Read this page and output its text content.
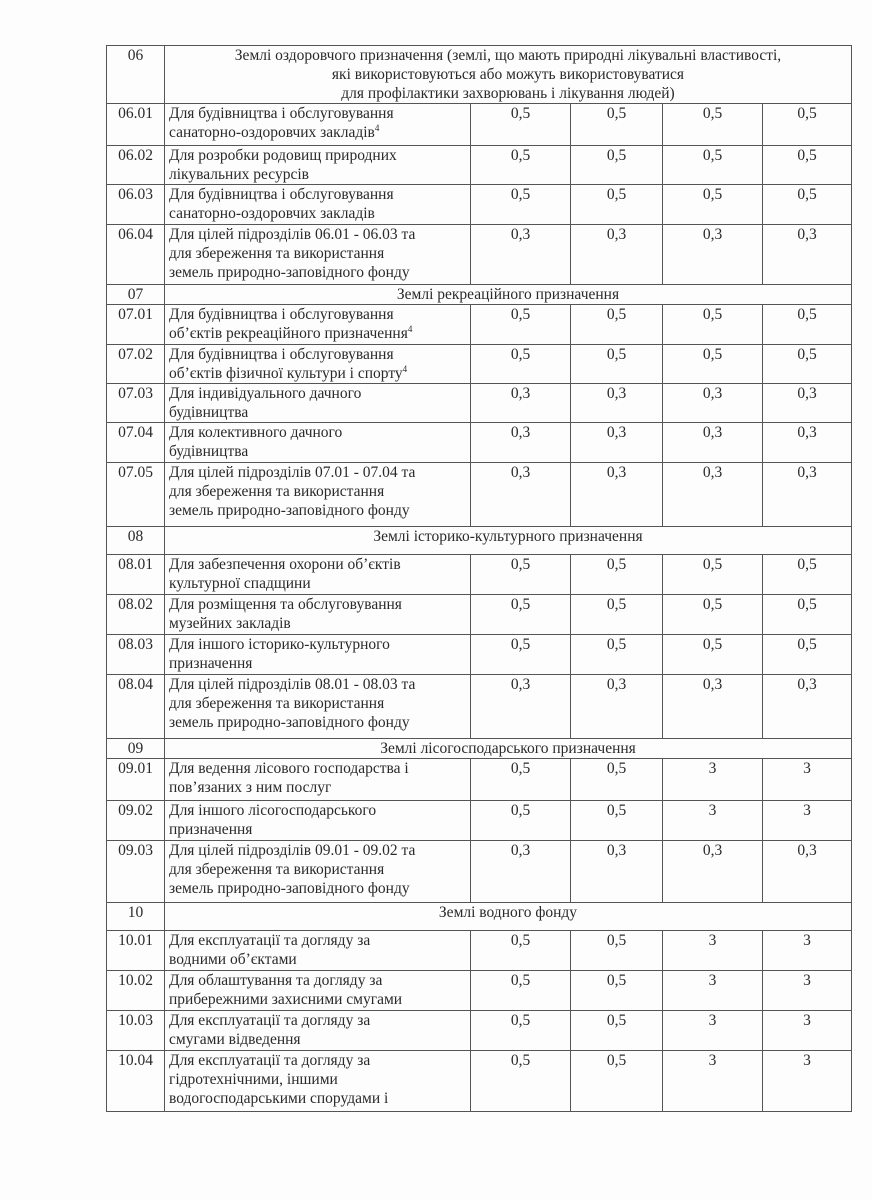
06	Землі оздоровчого призначення (землі, що мають природні лікувальні властивості,
які використовуються або можуть використовуватися
для профілактики захворювань і лікування людей)				

06.01	Для будівництва і обслуговування
санаторно-оздоровчих закладів$^4$	0,5	0,5	0,5	0,5
06.02	Для розробки родовищ природних
лікувальних ресурсів	0,5	0,5	0,5	0,5
06.03	Для будівництва і обслуговування
санаторно-оздоровчих закладів	0,5	0,5	0,5	0,5
06.04	Для цілей підрозділів 06.01 - 06.03 та
для збереження та використання
земель природно-заповідного фонду	0,3	0,3	0,3	0,3
07	Землі рекреаційного призначення				

07.01	Для будівництва і обслуговування
об’єктів рекреаційного призначення$^4$	0,5	0,5	0,5	0,5
07.02	Для будівництва і обслуговування
об’єктів фізичної культури і спорту$^4$	0,5	0,5	0,5	0,5
07.03	Для індивідуального дачного
будівництва	0,3	0,3	0,3	0,3
07.04	Для колективного дачного
будівництва	0,3	0,3	0,3	0,3
07.05	Для цілей підрозділів 07.01 - 07.04 та
для збереження та використання
земель природно-заповідного фонду	0,3	0,3	0,3	0,3
08	Землі історико-культурного призначення				

08.01	Для забезпечення охорони об’єктів
культурної спадщини	0,5	0,5	0,5	0,5
08.02	Для розміщення та обслуговування
музейних закладів	0,5	0,5	0,5	0,5
08.03	Для іншого історико-культурного
призначення	0,5	0,5	0,5	0,5
08.04	Для цілей підрозділів 08.01 - 08.03 та
для збереження та використання
земель природно-заповідного фонду	0,3	0,3	0,3	0,3
09	Землі лісогосподарського призначення				

09.01	Для ведення лісового господарства і
пов’язаних з ним послуг	0,5	0,5	3	3
09.02	Для іншого лісогосподарського
призначення	0,5	0,5	3	3
09.03	Для цілей підрозділів 09.01 - 09.02 та
для збереження та використання
земель природно-заповідного фонду	0,3	0,3	0,3	0,3
10	Землі водного фонду				

10.01	Для експлуатації та догляду за
водними об’єктами	0,5	0,5	3	3
10.02	Для облаштування та догляду за
прибережними захисними смугами	0,5	0,5	3	3
10.03	Для експлуатації та догляду за
смугами відведення	0,5	0,5	3	3
10.04	Для експлуатації та догляду за
гідротехнічними, іншими
водогосподарськими спорудами і	0,5	0,5	3	3
